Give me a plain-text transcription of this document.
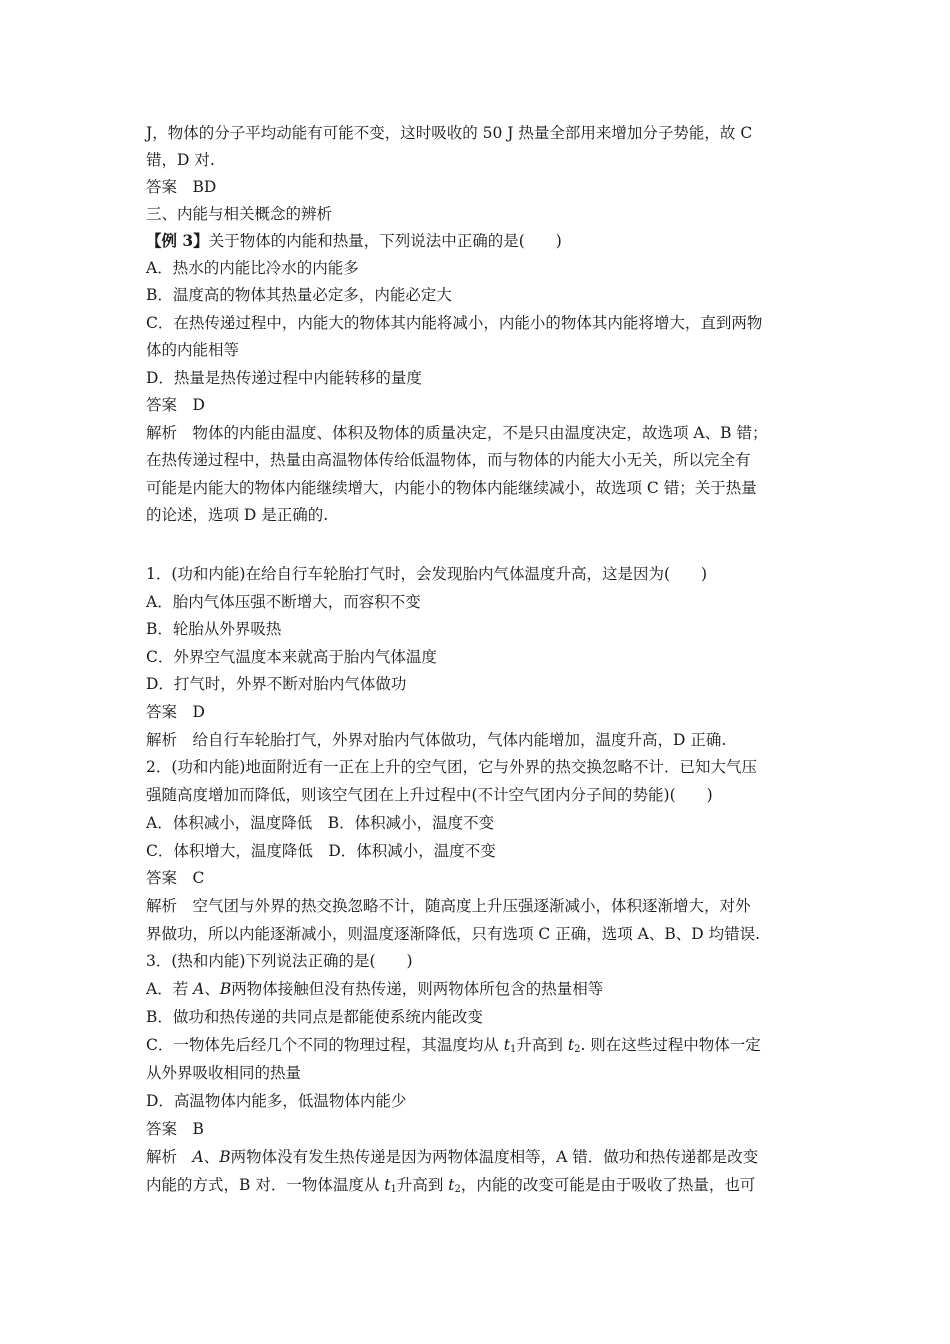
J，物体的分子平均动能有可能不变，这时吸收的 50 J 热量全部用来增加分子势能，故 C
错，D 对.
答案　BD
三、内能与相关概念的辨析
【例 3】关于物体的内能和热量，下列说法中正确的是(　　)
A．热水的内能比冷水的内能多
B．温度高的物体其热量必定多，内能必定大
C．在热传递过程中，内能大的物体其内能将减小，内能小的物体其内能将增大，直到两物
体的内能相等
D．热量是热传递过程中内能转移的量度
答案　D
解析　物体的内能由温度、体积及物体的质量决定，不是只由温度决定，故选项 A、B 错；
在热传递过程中，热量由高温物体传给低温物体，而与物体的内能大小无关，所以完全有
可能是内能大的物体内能继续增大，内能小的物体内能继续减小，故选项 C 错；关于热量
的论述，选项 D 是正确的.
1．(功和内能)在给自行车轮胎打气时，会发现胎内气体温度升高，这是因为(　　)
A．胎内气体压强不断增大，而容积不变
B．轮胎从外界吸热
C．外界空气温度本来就高于胎内气体温度
D．打气时，外界不断对胎内气体做功
答案　D
解析　给自行车轮胎打气，外界对胎内气体做功，气体内能增加，温度升高，D 正确.
2．(功和内能)地面附近有一正在上升的空气团，它与外界的热交换忽略不计．已知大气压
强随高度增加而降低，则该空气团在上升过程中(不计空气团内分子间的势能)(　　)
A．体积减小，温度降低　B．体积减小，温度不变
C．体积增大，温度降低　D．体积减小，温度不变
答案　C
解析　空气团与外界的热交换忽略不计，随高度上升压强逐渐减小，体积逐渐增大，对外
界做功，所以内能逐渐减小，则温度逐渐降低，只有选项 C 正确，选项 A、B、D 均错误.
3．(热和内能)下列说法正确的是(　　)
A．若 A、B两物体接触但没有热传递，则两物体所包含的热量相等
B．做功和热传递的共同点是都能使系统内能改变
C．一物体先后经几个不同的物理过程，其温度均从 $t_1$升高到 $t_2$. 则在这些过程中物体一定
从外界吸收相同的热量
D．高温物体内能多，低温物体内能少
答案　B
解析　A、B两物体没有发生热传递是因为两物体温度相等，A 错．做功和热传递都是改变
内能的方式，B 对．一物体温度从 $t_1$升高到 $t_2$，内能的改变可能是由于吸收了热量，也可
